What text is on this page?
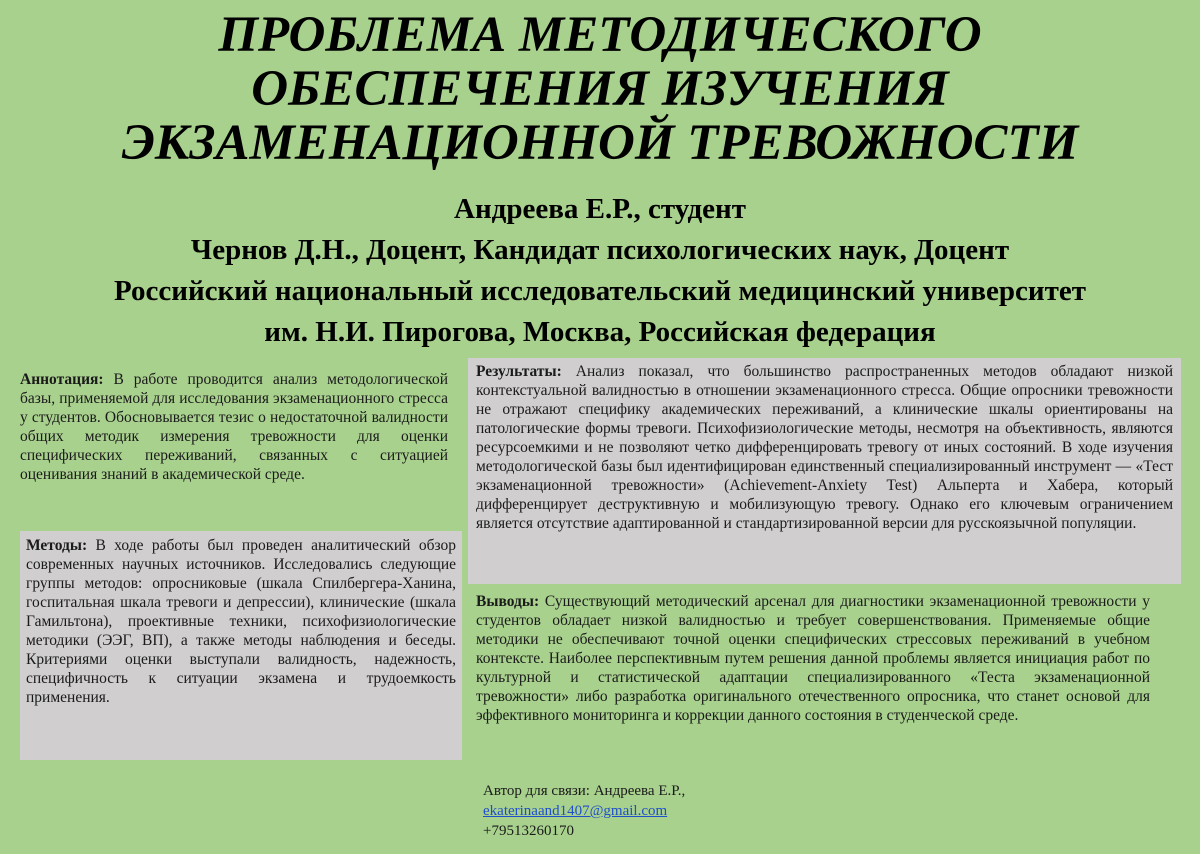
ПРОБЛЕМА МЕТОДИЧЕСКОГО
ОБЕСПЕЧЕНИЯ ИЗУЧЕНИЯ
ЭКЗАМЕНАЦИОННОЙ ТРЕВОЖНОСТИ
Андреева Е.Р., студент
Чернов Д.Н., Доцент, Кандидат психологических наук, Доцент
Российский национальный исследовательский медицинский университет
им. Н.И. Пирогова, Москва, Российская федерация
Аннотация: В работе проводится анализ методологической базы, применяемой для исследования экзаменационного стресса у студентов. Обосновывается тезис о недостаточной валидности общих методик измерения тревожности для оценки специфических переживаний, связанных с ситуацией оценивания знаний в академической среде.
Методы: В ходе работы был проведен аналитический обзор современных научных источников. Исследовались следующие группы методов: опросниковые (шкала Спилбергера-Ханина, госпитальная шкала тревоги и депрессии), клинические (шкала Гамильтона), проективные техники, психофизиологические методики (ЭЭГ, ВП), а также методы наблюдения и беседы. Критериями оценки выступали валидность, надежность, специфичность к ситуации экзамена и трудоемкость применения.
Результаты: Анализ показал, что большинство распространенных методов обладают низкой контекстуальной валидностью в отношении экзаменационного стресса. Общие опросники тревожности не отражают специфику академических переживаний, а клинические шкалы ориентированы на патологические формы тревоги. Психофизиологические методы, несмотря на объективность, являются ресурсоемкими и не позволяют четко дифференцировать тревогу от иных состояний. В ходе изучения методологической базы был идентифицирован единственный специализированный инструмент — «Тест экзаменационной тревожности» (Achievement-Anxiety Test) Альперта и Хабера, который дифференцирует деструктивную и мобилизующую тревогу. Однако его ключевым ограничением является отсутствие адаптированной и стандартизированной версии для русскоязычной популяции.
Выводы: Существующий методический арсенал для диагностики экзаменационной тревожности у студентов обладает низкой валидностью и требует совершенствования. Применяемые общие методики не обеспечивают точной оценки специфических стрессовых переживаний в учебном контексте. Наиболее перспективным путем решения данной проблемы является инициация работ по культурной и статистической адаптации специализированного «Теста экзаменационной тревожности» либо разработка оригинального отечественного опросника, что станет основой для эффективного мониторинга и коррекции данного состояния в студенческой среде.
Автор для связи: Андреева Е.Р.,
ekaterinaand1407@gmail.com
+79513260170
